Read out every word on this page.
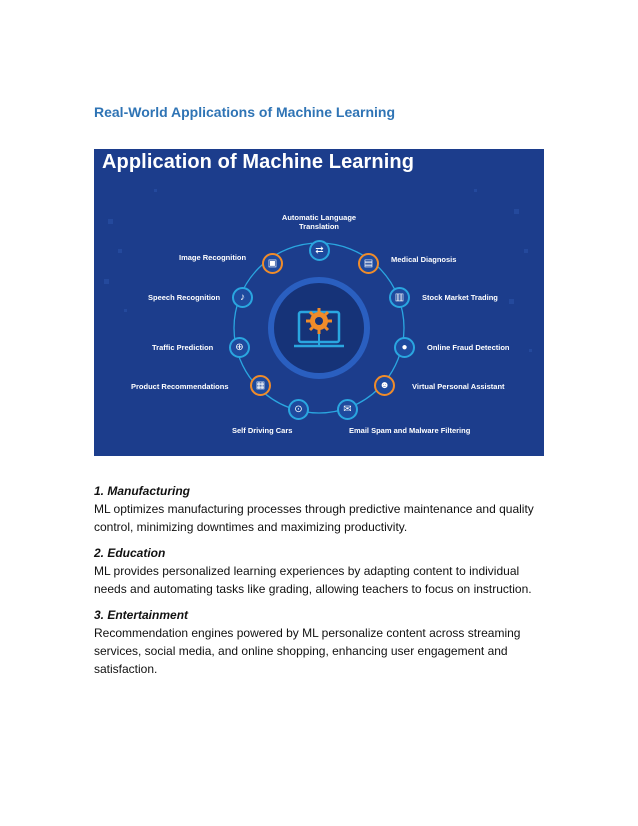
Real-World Applications of Machine Learning
Application of Machine Learning
⇄
▤
▥
●
☻
✉
⊙
▦
⊕
♪
▣
Automatic Language Translation
Medical Diagnosis
Stock Market Trading
Online Fraud Detection
Virtual Personal Assistant
Email Spam and Malware Filtering
Self Driving Cars
Product Recommendations
Traffic Prediction
Speech Recognition
Image Recognition
1. Manufacturing
ML optimizes manufacturing processes through predictive maintenance and quality control, minimizing downtimes and maximizing productivity.
2. Education
ML provides personalized learning experiences by adapting content to individual needs and automating tasks like grading, allowing teachers to focus on instruction.
3. Entertainment
Recommendation engines powered by ML personalize content across streaming services, social media, and online shopping, enhancing user engagement and satisfaction.
